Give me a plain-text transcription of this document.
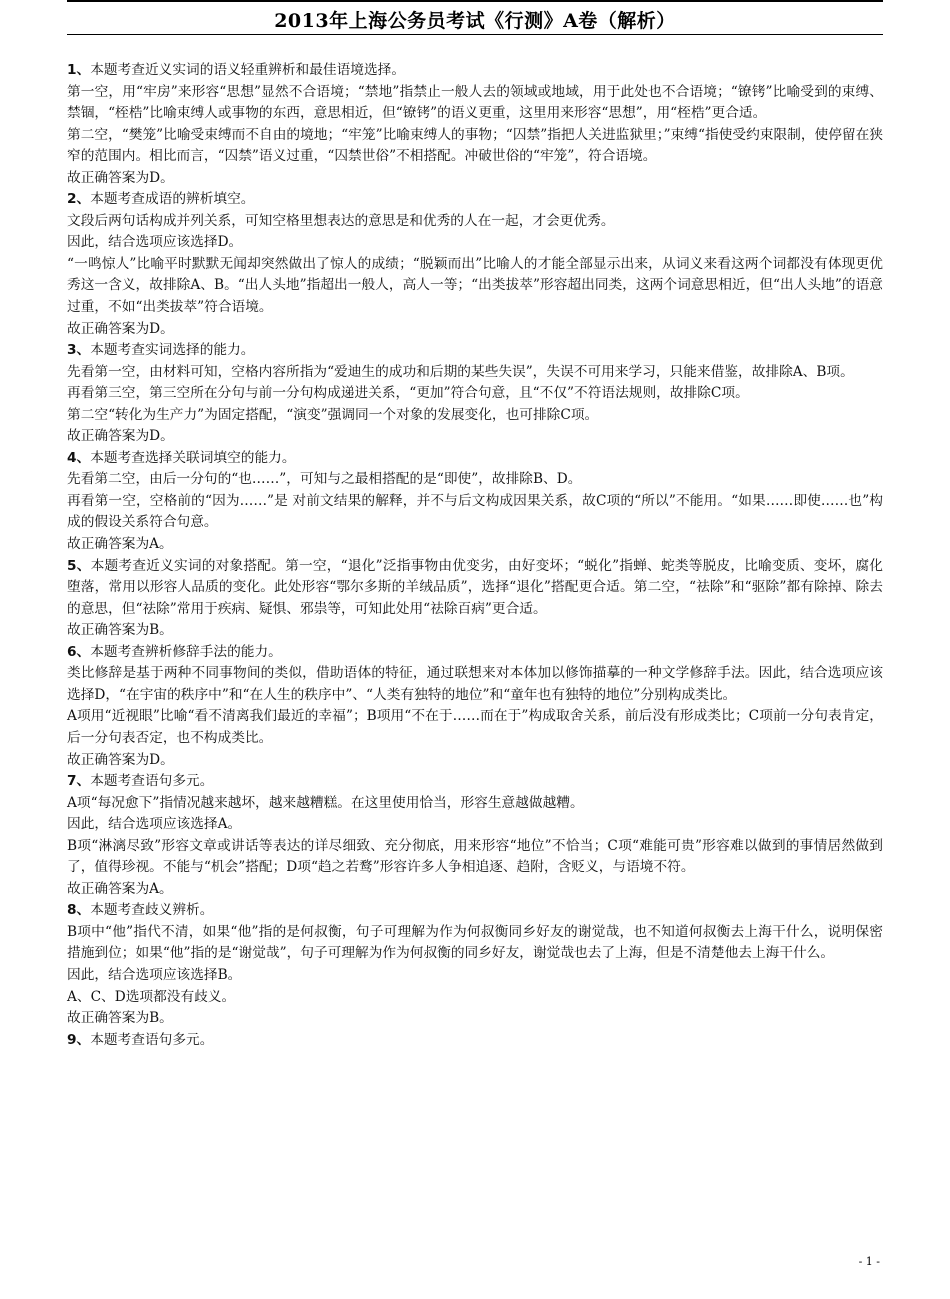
2013年上海公务员考试《行测》A卷（解析）

1、本题考查近义实词的语义轻重辨析和最佳语境选择。

第一空，用“牢房”来形容“思想”显然不合语境；“禁地”指禁止一般人去的领域或地域，用于此处也不合语境；“镣铐”比喻受到的束缚、禁锢，“桎梏”比喻束缚人或事物的东西，意思相近，但“镣铐”的语义更重，这里用来形容“思想”，用“桎梏”更合适。

第二空，“樊笼”比喻受束缚而不自由的境地；“牢笼”比喻束缚人的事物；“囚禁”指把人关进监狱里；”束缚“指使受约束限制，使停留在狭窄的范围内。相比而言，“囚禁”语义过重，“囚禁世俗”不相搭配。冲破世俗的“牢笼”，符合语境。

故正确答案为D。

2、本题考查成语的辨析填空。

文段后两句话构成并列关系，可知空格里想表达的意思是和优秀的人在一起，才会更优秀。

因此，结合选项应该选择D。

“一鸣惊人”比喻平时默默无闻却突然做出了惊人的成绩；“脱颖而出”比喻人的才能全部显示出来，从词义来看这两个词都没有体现更优秀这一含义，故排除A、B。“出人头地”指超出一般人，高人一等；“出类拔萃”形容超出同类，这两个词意思相近，但“出人头地”的语意过重，不如“出类拔萃”符合语境。

故正确答案为D。

3、本题考查实词选择的能力。

先看第一空，由材料可知，空格内容所指为“爱迪生的成功和后期的某些失误”，失误不可用来学习，只能来借鉴，故排除A、B项。

再看第三空，第三空所在分句与前一分句构成递进关系，“更加”符合句意，且“不仅”不符语法规则，故排除C项。

第二空“转化为生产力”为固定搭配，“演变”强调同一个对象的发展变化，也可排除C项。

故正确答案为D。

4、本题考查选择关联词填空的能力。

先看第二空，由后一分句的“也……”，可知与之最相搭配的是“即使”，故排除B、D。

再看第一空，空格前的“因为……”是 对前文结果的解释，并不与后文构成因果关系，故C项的“所以”不能用。“如果……即使……也”构成的假设关系符合句意。

故正确答案为A。

5、本题考查近义实词的对象搭配。第一空，“退化”泛指事物由优变劣，由好变坏；“蜕化”指蝉、蛇类等脱皮，比喻变质、变坏，腐化堕落，常用以形容人品质的变化。此处形容“鄂尔多斯的羊绒品质”，选择“退化”搭配更合适。第二空，“祛除”和“驱除”都有除掉、除去的意思，但“祛除”常用于疾病、疑惧、邪祟等，可知此处用“祛除百病”更合适。

故正确答案为B。

6、本题考查辨析修辞手法的能力。

类比修辞是基于两种不同事物间的类似，借助语体的特征，通过联想来对本体加以修饰描摹的一种文学修辞手法。因此，结合选项应该选择D，“在宇宙的秩序中”和“在人生的秩序中”、“人类有独特的地位”和“童年也有独特的地位”分别构成类比。

A项用“近视眼”比喻“看不清离我们最近的幸福”；B项用“不在于……而在于”构成取舍关系，前后没有形成类比；C项前一分句表肯定，后一分句表否定，也不构成类比。

故正确答案为D。

7、本题考查语句多元。

A项“每况愈下”指情况越来越坏，越来越糟糕。在这里使用恰当，形容生意越做越糟。

因此，结合选项应该选择A。

B项“淋漓尽致”形容文章或讲话等表达的详尽细致、充分彻底，用来形容“地位”不恰当；C项“难能可贵”形容难以做到的事情居然做到了，值得珍视。不能与“机会”搭配；D项“趋之若鹜”形容许多人争相追逐、趋附，含贬义，与语境不符。

故正确答案为A。

8、本题考查歧义辨析。

B项中“他”指代不清，如果“他”指的是何叔衡，句子可理解为作为何叔衡同乡好友的谢觉哉，也不知道何叔衡去上海干什么，说明保密措施到位；如果“他”指的是“谢觉哉”，句子可理解为作为何叔衡的同乡好友，谢觉哉也去了上海，但是不清楚他去上海干什么。

因此，结合选项应该选择B。

A、C、D选项都没有歧义。

故正确答案为B。

9、本题考查语句多元。

- 1 -
